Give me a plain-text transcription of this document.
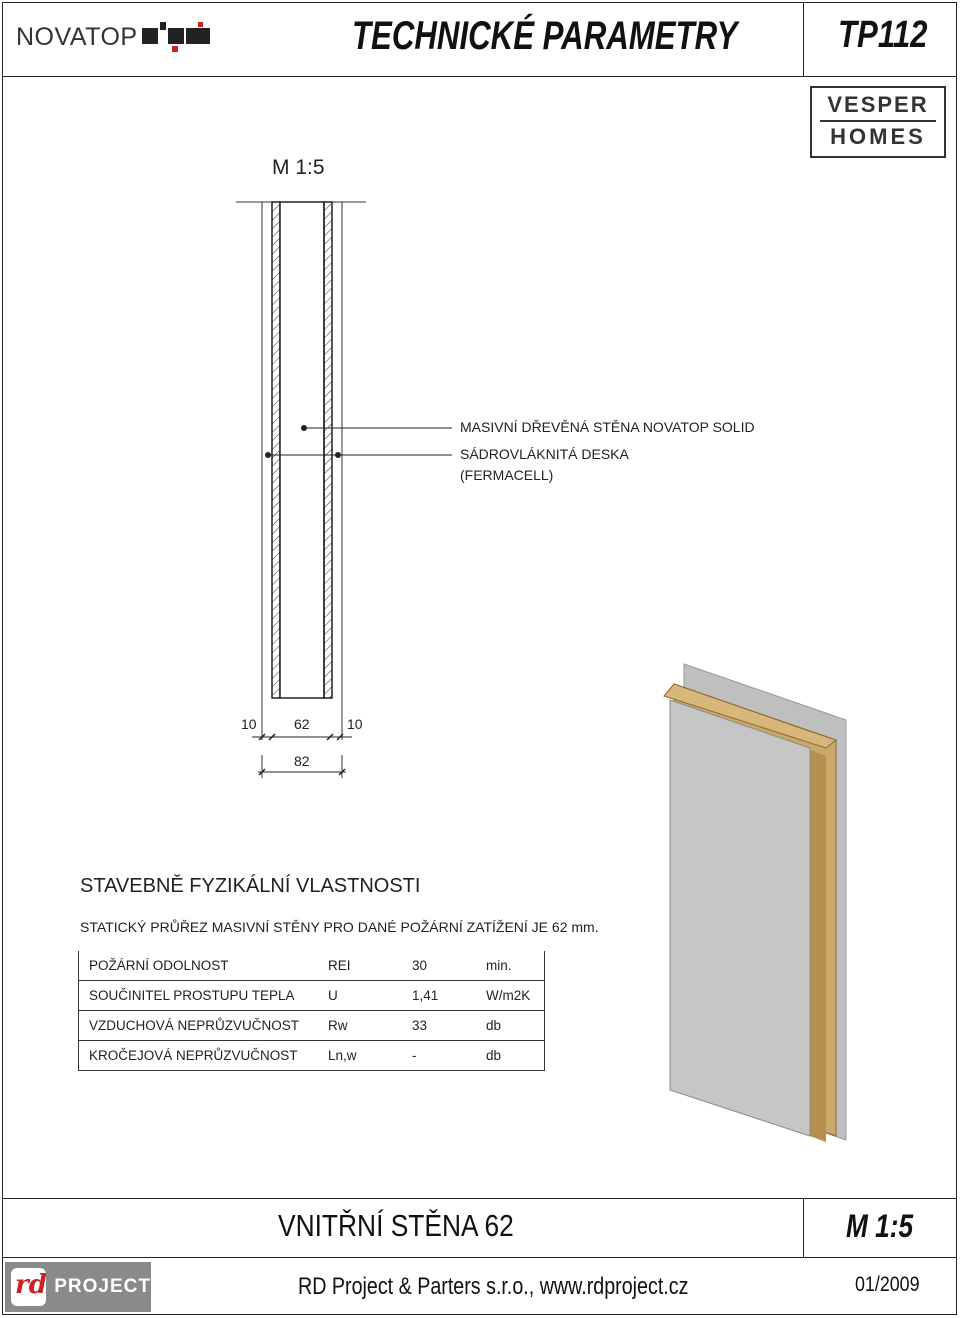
NOVATOP	TECHNICKÉ PARAMETRY	TP112
VESPER
HOMES
M 1:5
MASIVNÍ DŘEVĚNÁ STĚNA NOVATOP SOLID
SÁDROVLÁKNITÁ DESKA
(FERMACELL)
10	62	10
82
STAVEBNĚ FYZIKÁLNÍ VLASTNOSTI
STATICKÝ PRŮŘEZ MASIVNÍ STĚNY PRO DANÉ POŽÁRNÍ ZATÍŽENÍ JE 62 mm.
POŽÁRNÍ ODOLNOST	REI	30	min.
SOUČINITEL PROSTUPU TEPLA	U	1,41	W/m2K
VZDUCHOVÁ NEPRŮZVUČNOST	Rw	33	db
KROČEJOVÁ NEPRŮZVUČNOST	Ln,w	-	db
VNITŘNÍ STĚNA 62	M 1:5
rd PROJECT	RD Project & Parters s.r.o., www.rdproject.cz	01/2009
